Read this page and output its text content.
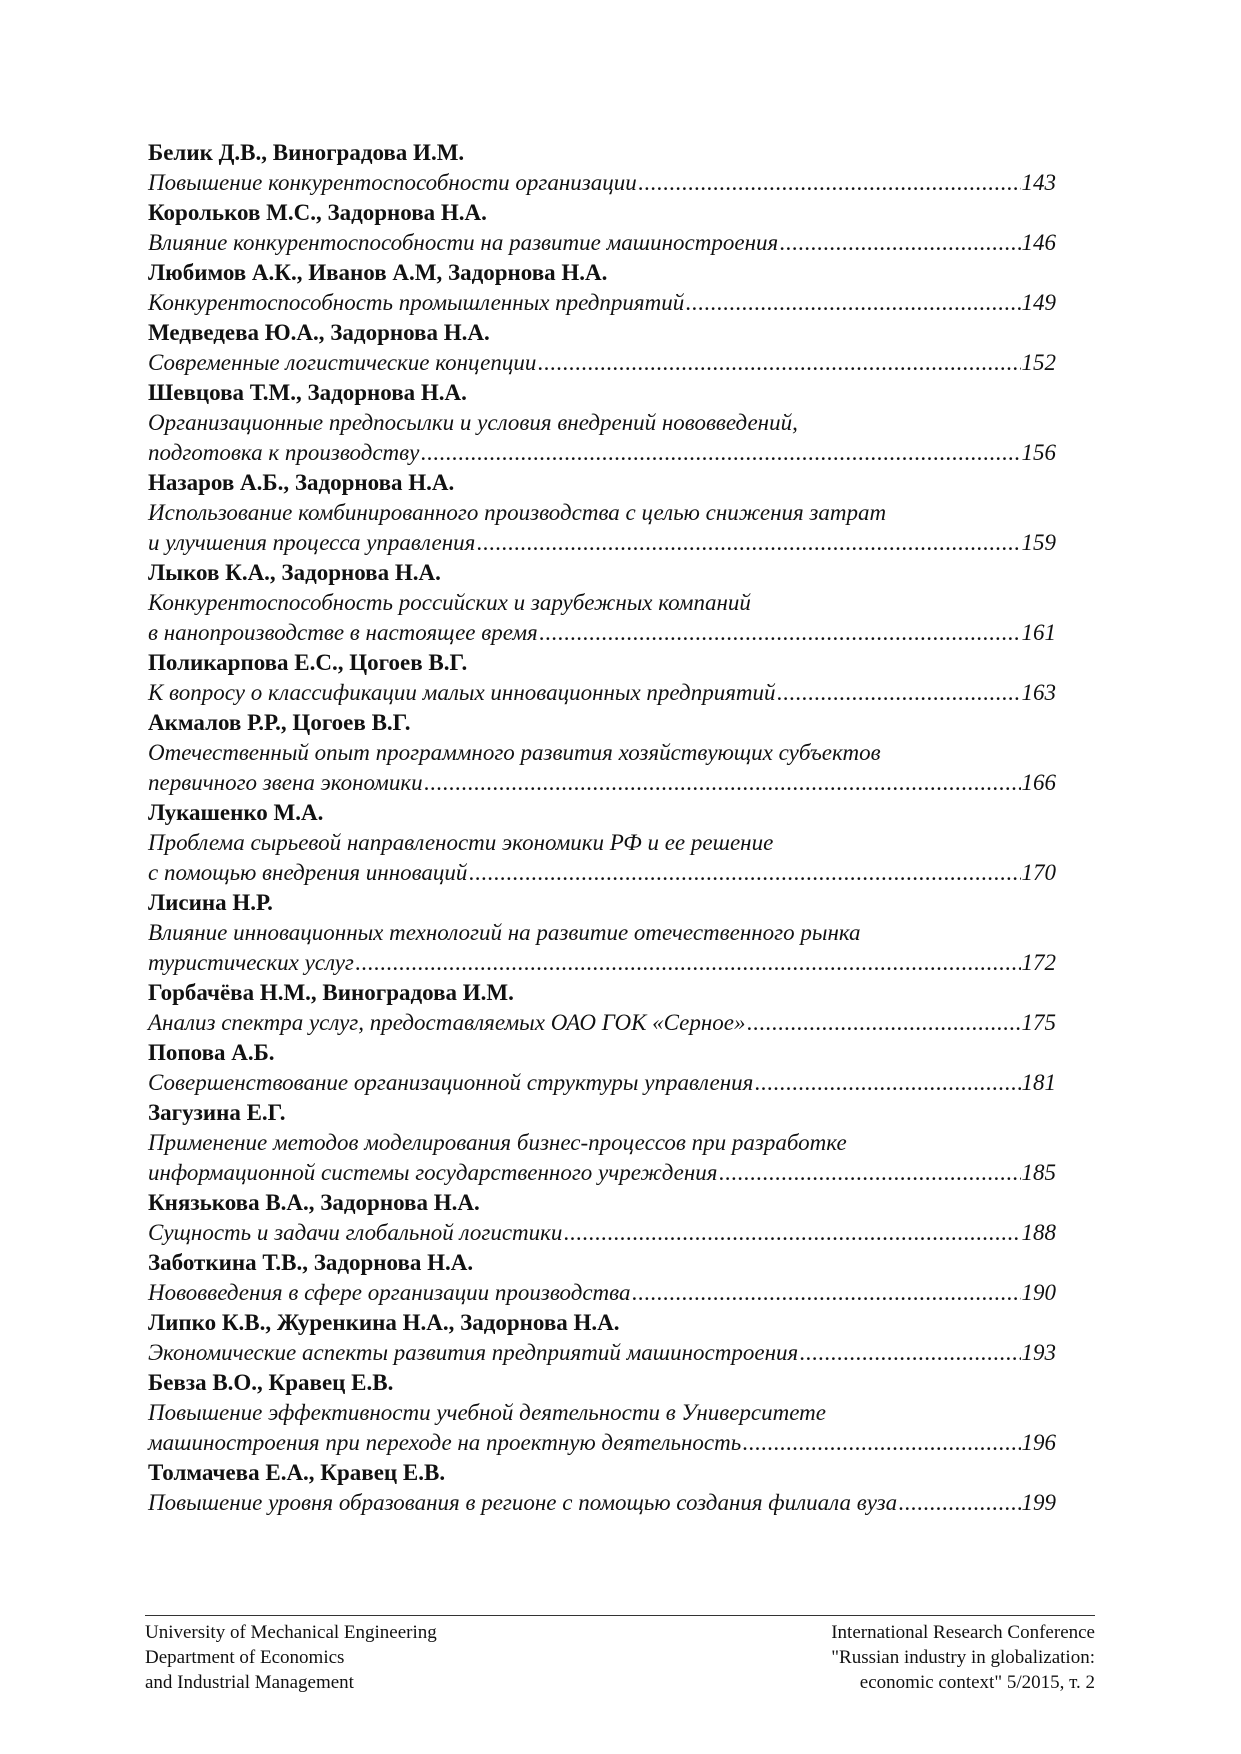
Белик Д.В., Виноградова И.М.
Повышение конкурентоспособности организации .....	143
Корольков М.С., Задорнова Н.А.
Влияние конкурентоспособности на развитие машиностроения .....	146
Любимов А.К., Иванов А.М, Задорнова Н.А.
Конкурентоспособность промышленных предприятий .....	149
Медведева Ю.А., Задорнова Н.А.
Современные логистические концепции .....	152
Шевцова Т.М., Задорнова Н.А.
Организационные предпосылки и условия внедрений нововведений,
подготовка к производству .....	156
Назаров А.Б., Задорнова Н.А.
Использование комбинированного производства с целью снижения затрат
и улучшения процесса управления .....	159
Лыков К.А., Задорнова Н.А.
Конкурентоспособность российских и зарубежных компаний
в нанопроизводстве в настоящее время .....	161
Поликарпова Е.С., Цогоев В.Г.
К вопросу о классификации малых инновационных предприятий .....	163
Акмалов Р.Р., Цогоев В.Г.
Отечественный опыт программного развития хозяйствующих субъектов
первичного звена экономики .....	166
Лукашенко М.А.
Проблема сырьевой направлености экономики РФ и ее решение
с помощью внедрения инноваций .....	170
Лисина Н.Р.
Влияние инновационных технологий на развитие отечественного рынка
туристических услуг .....	172
Горбачёва Н.М., Виноградова И.М.
Анализ спектра услуг, предоставляемых ОАО ГОК «Серное» .....	175
Попова А.Б.
Совершенствование организационной структуры управления .....	181
Загузина Е.Г.
Применение методов моделирования бизнес-процессов при разработке
информационной системы государственного учреждения .....	185
Князькова В.А., Задорнова Н.А.
Сущность и задачи глобальной логистики .....	188
Заботкина Т.В., Задорнова Н.А.
Нововведения в сфере организации производства .....	190
Липко К.В., Журенкина Н.А., Задорнова Н.А.
Экономические аспекты развития предприятий машиностроения .....	193
Бевза В.О., Кравец Е.В.
Повышение эффективности учебной деятельности в Университете
машиностроения при переходе на проектную деятельность .....	196
Толмачева Е.А., Кравец Е.В.
Повышение уровня образования в регионе с помощью создания филиала вуза .....	199
University of Mechanical Engineering
Department of Economics
and Industrial Management
International Research Conference
"Russian industry in globalization:
economic context" 5/2015, т. 2
